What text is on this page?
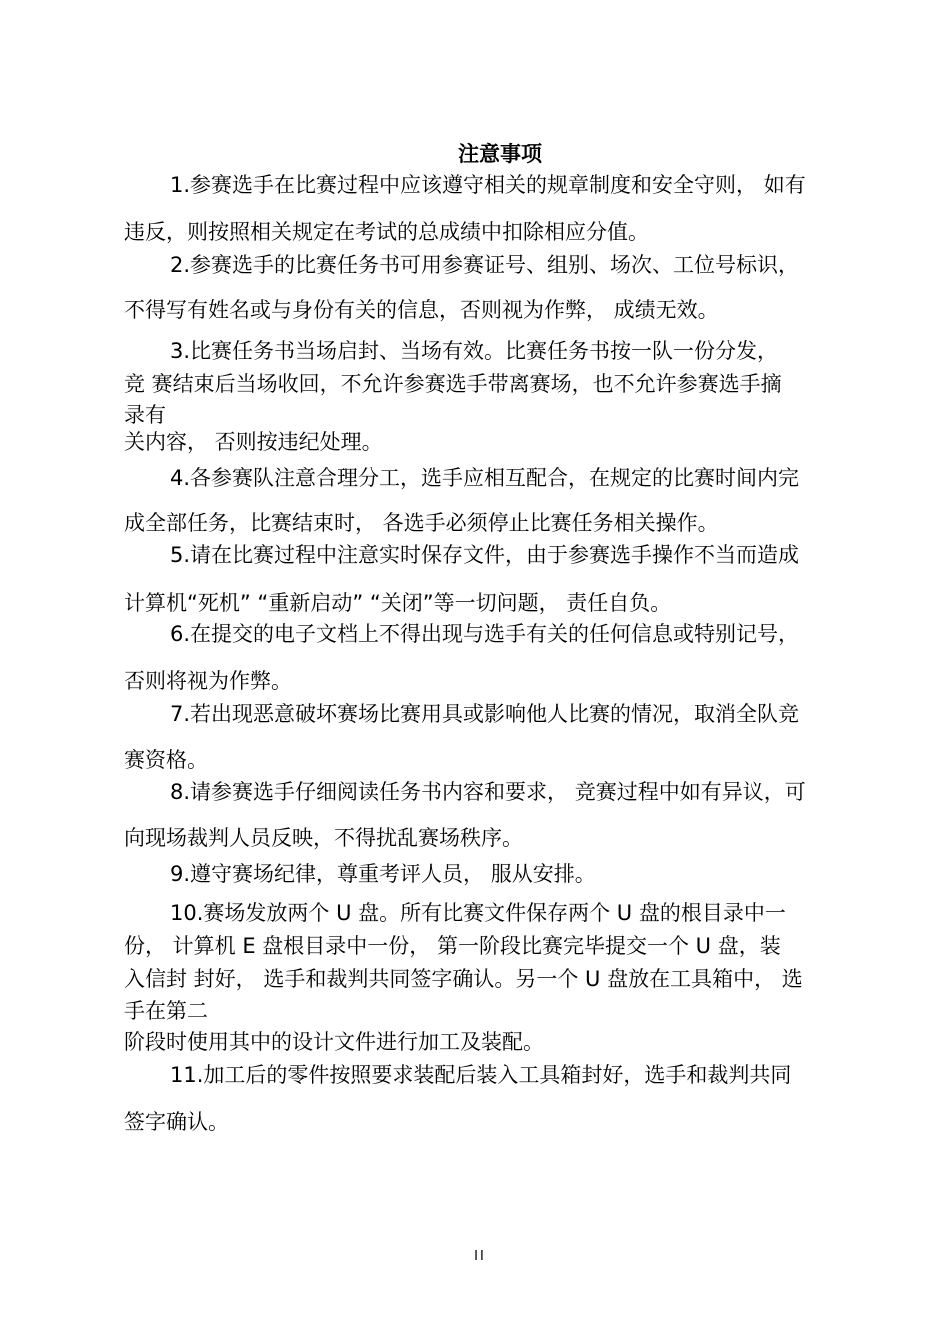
注意事项
1.参赛选手在比赛过程中应该遵守相关的规章制度和安全守则， 如有
违反，则按照相关规定在考试的总成绩中扣除相应分值。
2.参赛选手的比赛任务书可用参赛证号、组别、场次、工位号标识，
不得写有姓名或与身份有关的信息，否则视为作弊， 成绩无效。
3.比赛任务书当场启封、当场有效。比赛任务书按一队一份分发，
竞 赛结束后当场收回，不允许参赛选手带离赛场，也不允许参赛选手摘
录有
关内容， 否则按违纪处理。
4.各参赛队注意合理分工，选手应相互配合，在规定的比赛时间内完
成全部任务，比赛结束时， 各选手必须停止比赛任务相关操作。
5.请在比赛过程中注意实时保存文件，由于参赛选手操作不当而造成
计算机“死机” “重新启动” “关闭”等一切问题， 责任自负。
6.在提交的电子文档上不得出现与选手有关的任何信息或特别记号，
否则将视为作弊。
7.若出现恶意破坏赛场比赛用具或影响他人比赛的情况，取消全队竞
赛资格。
8.请参赛选手仔细阅读任务书内容和要求， 竞赛过程中如有异议，可
向现场裁判人员反映，不得扰乱赛场秩序。
9.遵守赛场纪律，尊重考评人员， 服从安排。
10.赛场发放两个 U 盘。所有比赛文件保存两个 U 盘的根目录中一
份， 计算机 E 盘根目录中一份， 第一阶段比赛完毕提交一个 U 盘，装
入信封 封好， 选手和裁判共同签字确认。另一个 U 盘放在工具箱中， 选
手在第二
阶段时使用其中的设计文件进行加工及装配。
11.加工后的零件按照要求装配后装入工具箱封好，选手和裁判共同
签字确认。
II
